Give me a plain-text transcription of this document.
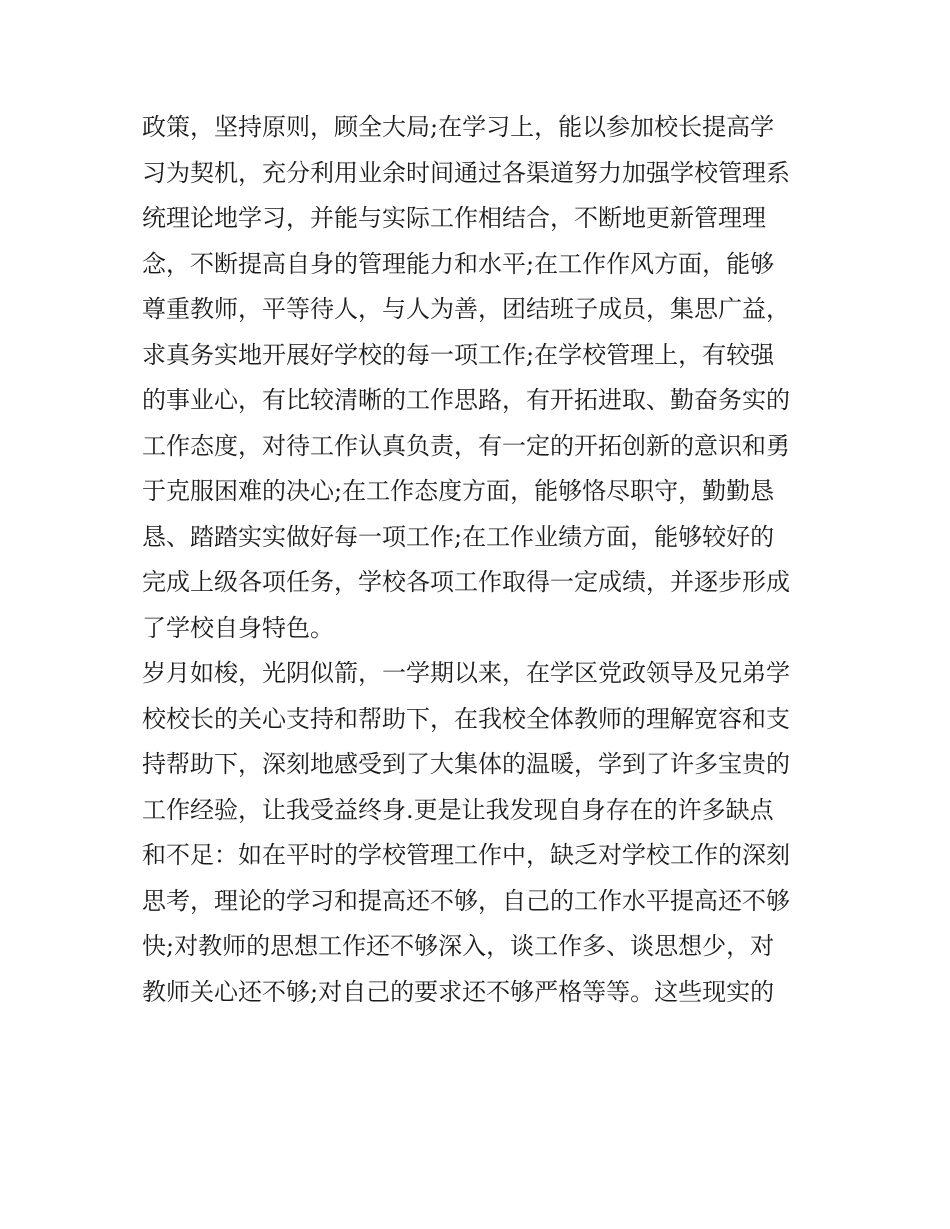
政策，坚持原则，顾全大局;在学习上，能以参加校长提高学
习为契机，充分利用业余时间通过各渠道努力加强学校管理系
统理论地学习，并能与实际工作相结合，不断地更新管理理
念，不断提高自身的管理能力和水平;在工作作风方面，能够
尊重教师，平等待人，与人为善，团结班子成员，集思广益，
求真务实地开展好学校的每一项工作;在学校管理上，有较强
的事业心，有比较清晰的工作思路，有开拓进取、勤奋务实的
工作态度，对待工作认真负责，有一定的开拓创新的意识和勇
于克服困难的决心;在工作态度方面，能够恪尽职守，勤勤恳
恳、踏踏实实做好每一项工作;在工作业绩方面，能够较好的
完成上级各项任务，学校各项工作取得一定成绩，并逐步形成
了学校自身特色。
岁月如梭，光阴似箭，一学期以来，在学区党政领导及兄弟学
校校长的关心支持和帮助下，在我校全体教师的理解宽容和支
持帮助下，深刻地感受到了大集体的温暖，学到了许多宝贵的
工作经验，让我受益终身.更是让我发现自身存在的许多缺点
和不足：如在平时的学校管理工作中，缺乏对学校工作的深刻
思考，理论的学习和提高还不够，自己的工作水平提高还不够
快;对教师的思想工作还不够深入，谈工作多、谈思想少，对
教师关心还不够;对自己的要求还不够严格等等。这些现实的
